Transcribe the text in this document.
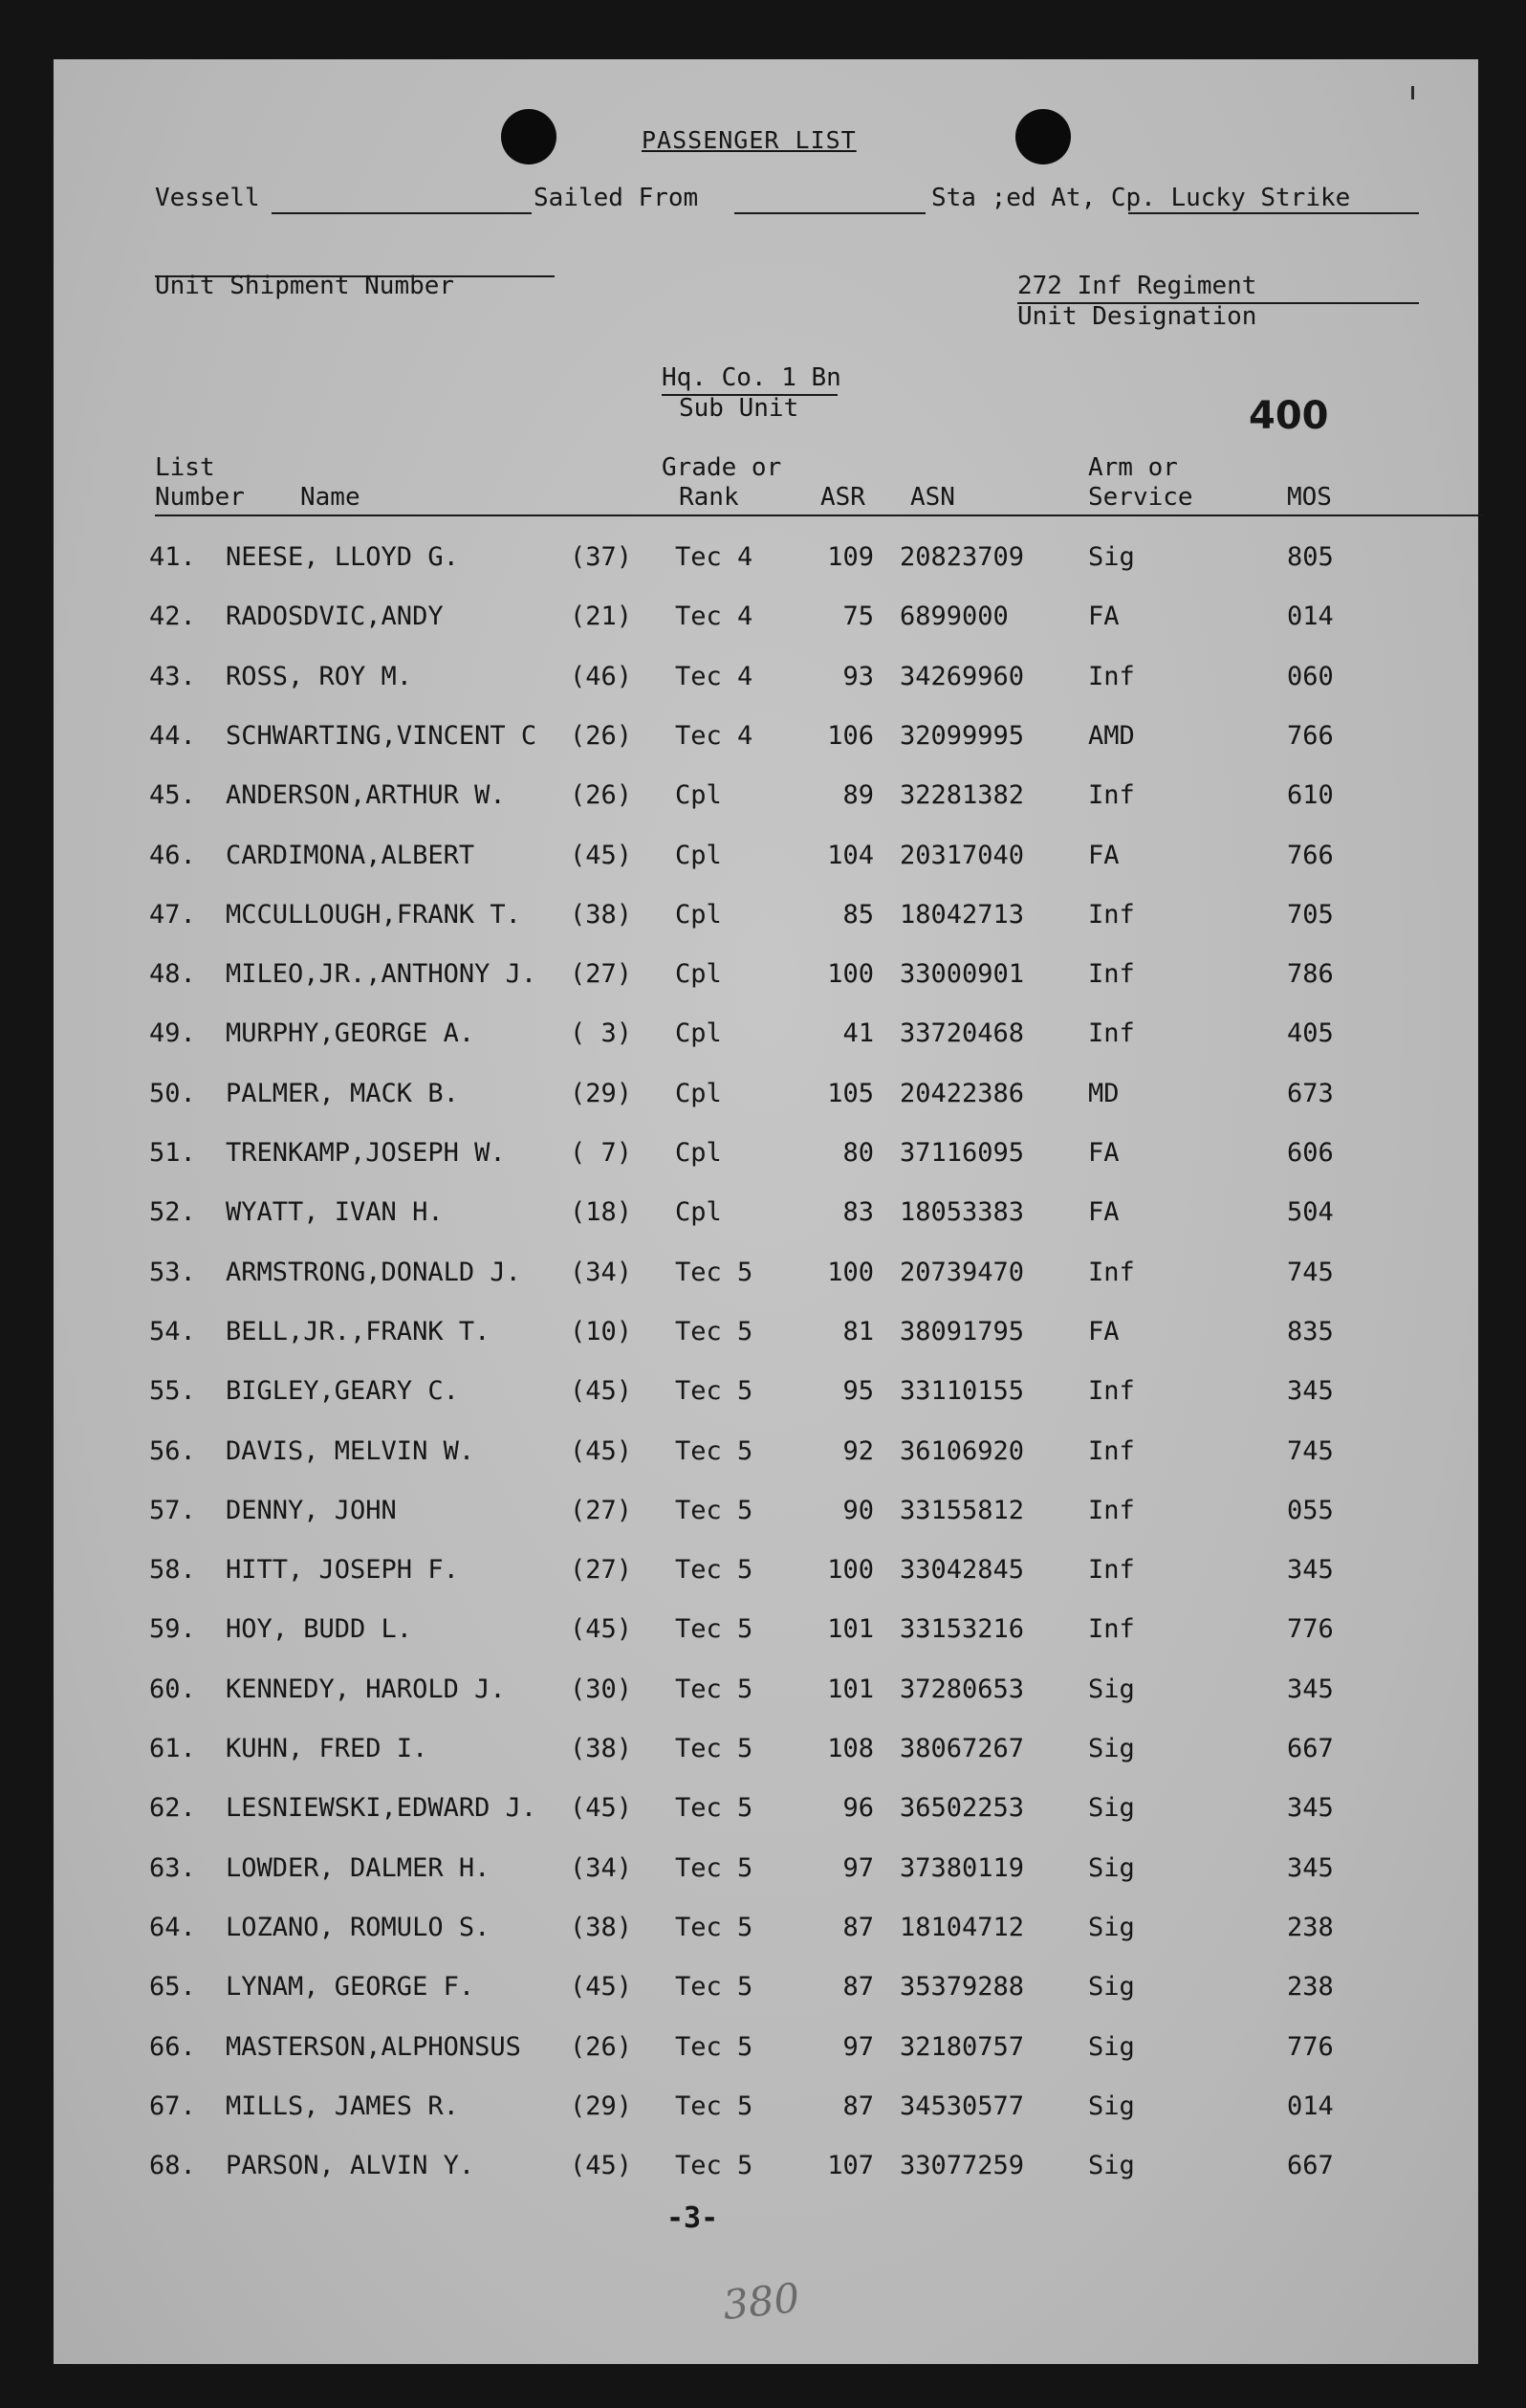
PASSENGER LIST
Vessell	Sailed From	Sta ;ed At, Cp. Lucky Strike
Unit Shipment Number	272 Inf Regiment
Unit Designation
Hq. Co. 1 Bn
Sub Unit	400
List
Number Name
Grade or
Rank	ASR ASN
Arm or
Service	MOS
41. NEESE, LLOYD G.	(37) Tec 4	109 20823709 Sig	805
42. RADOSDVIC,ANDY	(21) Tec 4	75 6899000	FA	014
43. ROSS, ROY M.	(46) Tec 4	93 34269960 Inf	060
44. SCHWARTING,VINCENT C (26) Tec 4	106 32099995 AMD	766
45. ANDERSON,ARTHUR W. (26) Cpl	89 32281382 Inf	610
46. CARDIMONA,ALBERT	(45) Cpl	104 20317040 FA	766
47. MCCULLOUGH,FRANK T. (38) Cpl	85 18042713 Inf	705
48. MILEO,JR.,ANTHONY J. (27) Cpl	100 33000901 Inf	786
49. MURPHY,GEORGE A.	( 3) Cpl	41 33720468 Inf	405
50. PALMER, MACK B.	(29) Cpl	105 20422386 MD	673
51. TRENKAMP,JOSEPH W. ( 7) Cpl	80 37116095 FA	606
52. WYATT, IVAN H.	(18) Cpl	83 18053383 FA	504
53. ARMSTRONG,DONALD J. (34) Tec 5	100 20739470 Inf	745
54. BELL,JR.,FRANK T.	(10) Tec 5	81 38091795 FA	835
55. BIGLEY,GEARY C.	(45) Tec 5	95 33110155 Inf	345
56. DAVIS, MELVIN W.	(45) Tec 5	92 36106920 Inf	745
57. DENNY, JOHN	(27) Tec 5	90 33155812 Inf	055
58. HITT, JOSEPH F.	(27) Tec 5	100 33042845 Inf	345
59. HOY, BUDD L.	(45) Tec 5	101 33153216 Inf	776
60. KENNEDY, HAROLD J. (30) Tec 5	101 37280653 Sig	345
61. KUHN, FRED I.	(38) Tec 5	108 38067267 Sig	667
62. LESNIEWSKI,EDWARD J. (45) Tec 5	96 36502253 Sig	345
63. LOWDER, DALMER H.	(34) Tec 5	97 37380119 Sig	345
64. LOZANO, ROMULO S.	(38) Tec 5	87 18104712 Sig	238
65. LYNAM, GEORGE F.	(45) Tec 5	87 35379288 Sig	238
66. MASTERSON,ALPHONSUS (26) Tec 5	97 32180757 Sig	776
67. MILLS, JAMES R.	(29) Tec 5	87 34530577 Sig	014
68. PARSON, ALVIN Y.	(45) Tec 5	107 33077259 Sig	667
-3-
380
